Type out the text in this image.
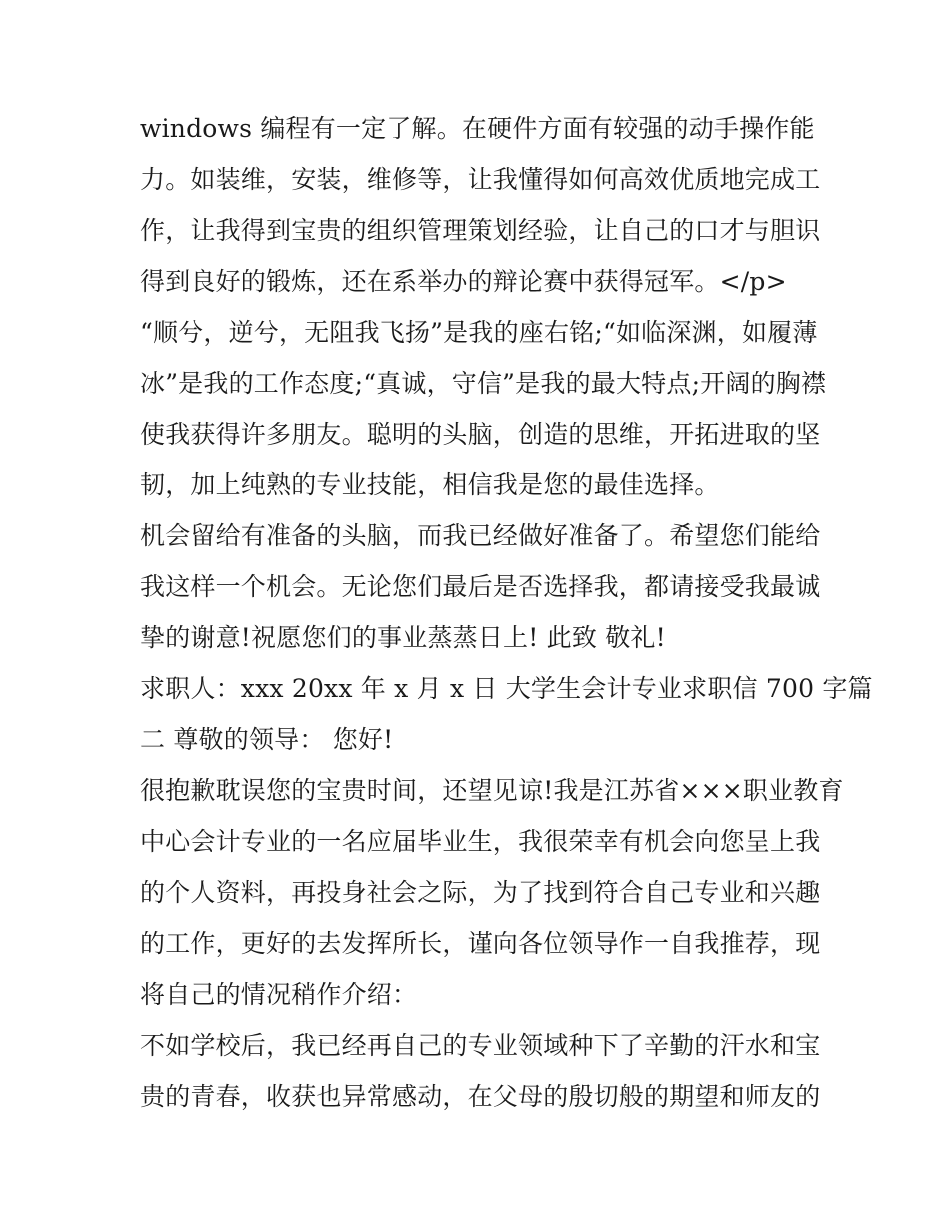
windows 编程有一定了解。在硬件方面有较强的动手操作能
力。如装维，安装，维修等，让我懂得如何高效优质地完成工
作，让我得到宝贵的组织管理策划经验，让自己的口才与胆识
得到良好的锻炼，还在系举办的辩论赛中获得冠军。</p>
“顺兮，逆兮，无阻我飞扬”是我的座右铭;“如临深渊，如履薄
冰”是我的工作态度;“真诚，守信”是我的最大特点;开阔的胸襟
使我获得许多朋友。聪明的头脑，创造的思维，开拓进取的坚
韧，加上纯熟的专业技能，相信我是您的最佳选择。
机会留给有准备的头脑，而我已经做好准备了。希望您们能给
我这样一个机会。无论您们最后是否选择我，都请接受我最诚
挚的谢意!祝愿您们的事业蒸蒸日上! 此致 敬礼!
求职人：xxx 20xx 年 x 月 x 日 大学生会计专业求职信 700 字篇
二 尊敬的领导： 您好!
很抱歉耽误您的宝贵时间，还望见谅!我是江苏省×××职业教育
中心会计专业的一名应届毕业生，我很荣幸有机会向您呈上我
的个人资料，再投身社会之际，为了找到符合自己专业和兴趣
的工作，更好的去发挥所长，谨向各位领导作一自我推荐，现
将自己的情况稍作介绍：
不如学校后，我已经再自己的专业领域种下了辛勤的汗水和宝
贵的青春，收获也异常感动，在父母的殷切般的期望和师友的
